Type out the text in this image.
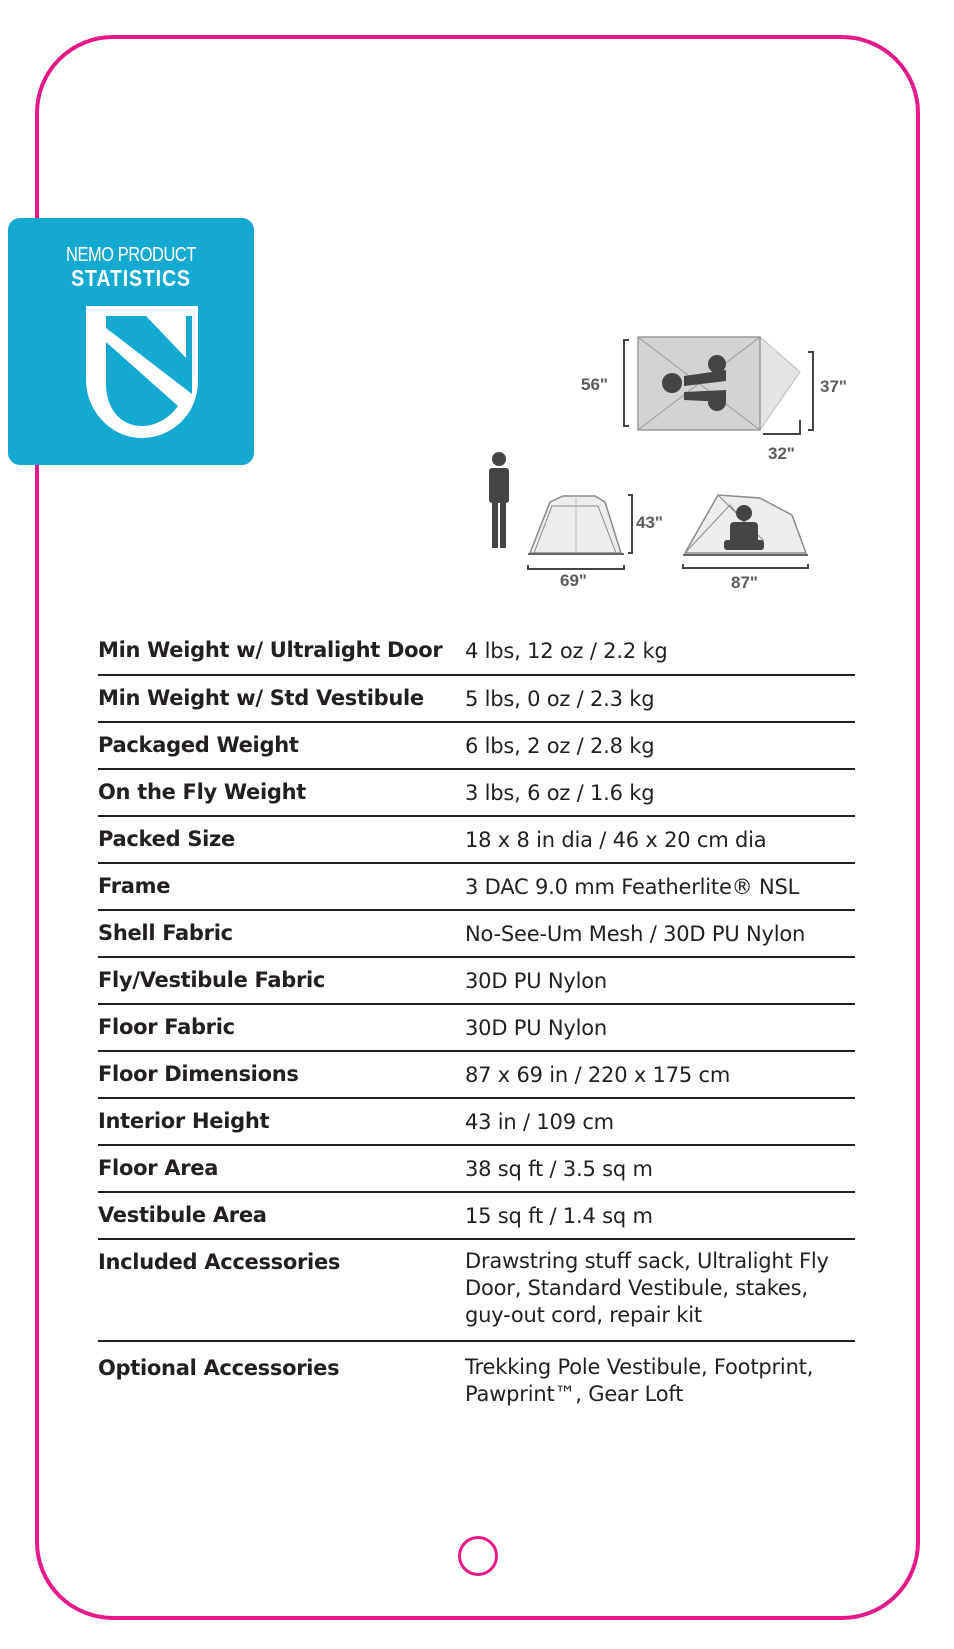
NEMO PRODUCT
STATISTICS
56"	37"
32"
69"
43"
87"
Min Weight w/ Ultralight Door 4 lbs, 12 oz / 2.2 kg
Min Weight w/ Std Vestibule 5 lbs, 0 oz / 2.3 kg
Packaged Weight	6 lbs, 2 oz / 2.8 kg
On the Fly Weight	3 lbs, 6 oz / 1.6 kg
Packed Size	18 x 8 in dia / 46 x 20 cm dia
Frame	3 DAC 9.0 mm Featherlite® NSL
Shell Fabric	No-See-Um Mesh / 30D PU Nylon
Fly/Vestibule Fabric	30D PU Nylon
Floor Fabric	30D PU Nylon
Floor Dimensions	87 x 69 in / 220 x 175 cm
Interior Height	43 in / 109 cm
Floor Area	38 sq ft / 3.5 sq m
Vestibule Area	15 sq ft / 1.4 sq m
Included Accessories	Drawstring stuff sack, Ultralight Fly Door, Standard Vestibule, stakes, guy-out cord, repair kit
Optional Accessories	Trekking Pole Vestibule, Footprint, Pawprint™, Gear Loft
